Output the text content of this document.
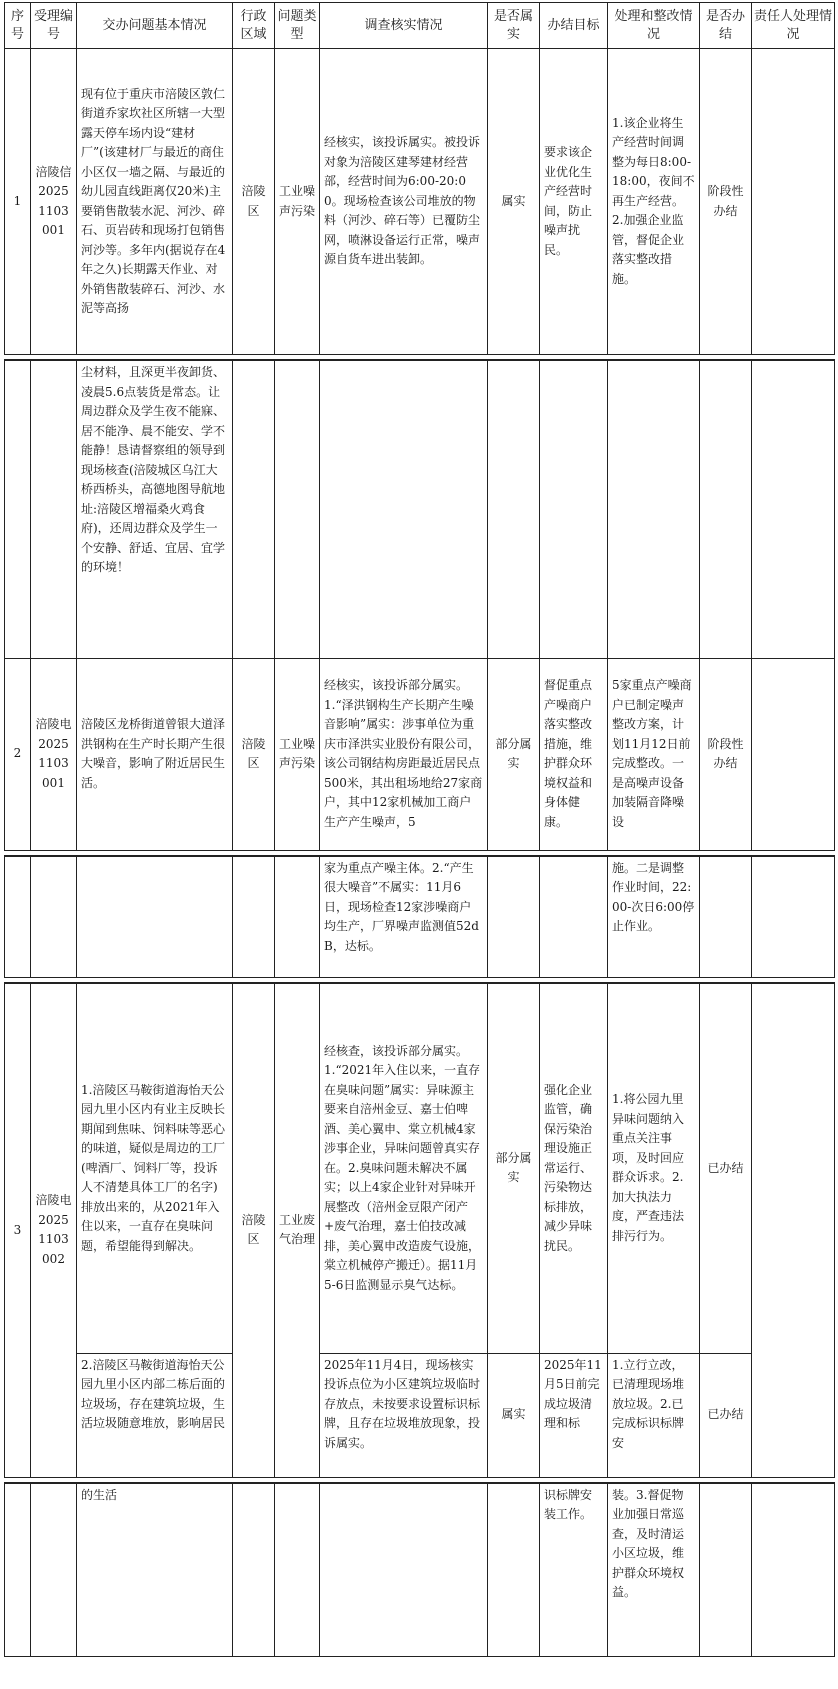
序号	受理编号	交办问题基本情况	行政区域	问题类型	调查核实情况	是否属实	办结目标	处理和整改情况	是否办结	责任人处理情况
1	涪陵信2025 1103 001	现有位于重庆市涪陵区敦仁街道乔家坎社区所辖一大型露天停车场内设“建材厂”(该建材厂与最近的商住小区仅一墙之隔、与最近的幼儿园直线距离仅20米)主要销售散装水泥、河沙、碎石、页岩砖和现场打包销售河沙等。多年内(据说存在4年之久)长期露天作业、对外销售散装碎石、河沙、水泥等高扬	涪陵区	工业噪声污染	经核实，该投诉属实。被投诉对象为涪陵区建琴建材经营部，经营时间为6:00-20:00。现场检查该公司堆放的物料（河沙、碎石等）已覆防尘网，喷淋设备运行正常，噪声源自货车进出装卸。	属实	要求该企业优化生产经营时间，防止噪声扰民。	1.该企业将生产经营时间调整为每日8:00-18:00，夜间不再生产经营。2.加强企业监管，督促企业落实整改措施。	阶段性办结	
		尘材料，且深更半夜卸货、凌晨5.6点装货是常态。让周边群众及学生夜不能寐、居不能净、晨不能安、学不能静！恳请督察组的领导到现场核查(涪陵城区乌江大桥西桥头，高德地图导航地址:涪陵区增福桑火鸡食府)，还周边群众及学生一个安静、舒适、宜居、宜学的环境！								
2	涪陵电2025 1103 001	涪陵区龙桥街道曾银大道泽洪钢构在生产时长期产生很大噪音，影响了附近居民生活。	涪陵区	工业噪声污染	经核实，该投诉部分属实。1.“泽洪钢构生产长期产生噪音影响”属实：涉事单位为重庆市泽洪实业股份有限公司，该公司钢结构房距最近居民点500米，其出租场地给27家商户，其中12家机械加工商户生产产生噪声，5	部分属实	督促重点产噪商户落实整改措施，维护群众环境权益和身体健康。	5家重点产噪商户已制定噪声整改方案，计划11月12日前完成整改。一是高噪声设备加装隔音降噪设	阶段性办结	
					家为重点产噪主体。2.“产生很大噪音”不属实：11月6日，现场检查12家涉噪商户均生产，厂界噪声监测值52dB，达标。			施。二是调整作业时间，22:00-次日6:00停止作业。		
3	涪陵电2025 1103 002	1.涪陵区马鞍街道海怡天公园九里小区内有业主反映长期闻到焦味、饲料味等恶心的味道，疑似是周边的工厂(啤酒厂、饲料厂等，投诉人不清楚具体工厂的名字)排放出来的，从2021年入住以来，一直存在臭味问题，希望能得到解决。	涪陵区	工业废气治理	经核查，该投诉部分属实。1.“2021年入住以来，一直存在臭味问题”属实：异味源主要来自涪州金豆、嘉士伯啤酒、美心翼申、棠立机械4家涉事企业，异味问题曾真实存在。2.臭味问题未解决不属实；以上4家企业针对异味开展整改（涪州金豆限产闭产+废气治理，嘉士伯技改减排，美心翼申改造废气设施，棠立机械停产搬迁）。据11月5-6日监测显示臭气达标。	部分属实	强化企业监管，确保污染治理设施正常运行、污染物达标排放，减少异味扰民。	1.将公园九里异味问题纳入重点关注事项，及时回应群众诉求。2.加大执法力度，严查违法排污行为。	已办结	
		2.涪陵区马鞍街道海怡天公园九里小区内部二栋后面的垃圾场，存在建筑垃圾，生活垃圾随意堆放，影响居民			2025年11月4日，现场核实投诉点位为小区建筑垃圾临时存放点，未按要求设置标识标牌，且存在垃圾堆放现象，投诉属实。	属实	2025年11月5日前完成垃圾清理和标	1.立行立改，已清理现场堆放垃圾。2.已完成标识标牌安	已办结	
		的生活					识标牌安装工作。	装。3.督促物业加强日常巡查，及时清运小区垃圾，维护群众环境权益。		
